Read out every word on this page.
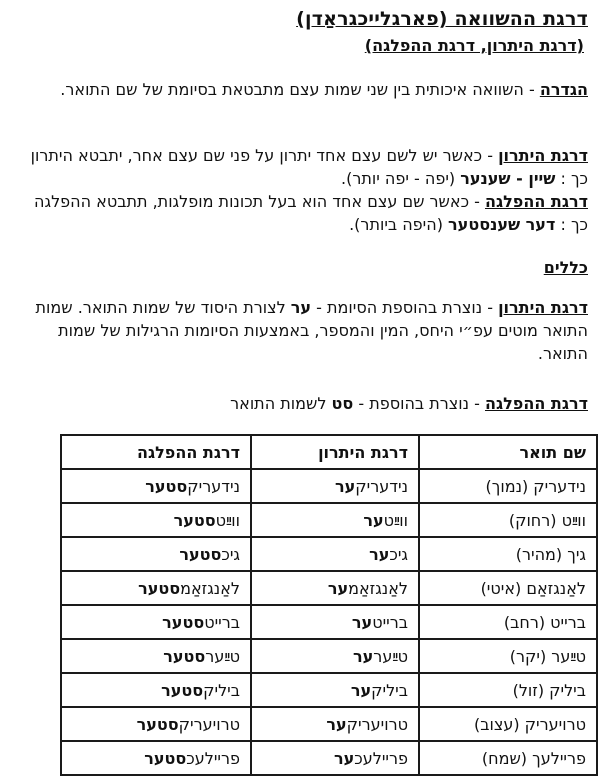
דרגת ההשוואה (פארגלייכגראַדן)
(דרגת היתרון, דרגת ההפלגה)
הגדרה - השוואה איכותית בין שני שמות עצם מתבטאת בסיומת של שם התואר.
דרגת היתרון - כאשר יש לשם עצם אחד יתרון על פני שם עצם אחר, יתבטא היתרון כך : שיין - שענער (יפה - יפה יותר).
דרגת ההפלגה - כאשר שם עצם אחד הוא בעל תכונות מופלגות, תתבטא ההפלגה כך : דער שענסטער (היפה ביותר).
כללים
דרגת היתרון - נוצרת בהוספת הסיומת - ער לצורת היסוד של שמות התואר. שמות התואר מוטים עפ״י היחס, המין והמספר, באמצעות הסיומות הרגילות של שמות התואר.
דרגת ההפלגה - נוצרת בהוספת - סט לשמות התואר
שם תואר	דרגת היתרון	דרגת ההפלגה
נידעריק (נמוך)	נידעריקער	נידעריקסטער
ווײַט (רחוק)	ווײַטער	ווײַטסטער
גיך (מהיר)	גיכער	גיכסטער
לאַנגזאַם (איטי)	לאַנגזאַמער	לאַנגזאַמסטער
ברייט (רחב)	ברייטער	ברייטסטער
טײַער (יקר)	טײַערער	טײַערסטער
ביליק (זול)	ביליקער	ביליקסטער
טרויעריק (עצוב)	טרויעריקער	טרויעריקסטער
פריילעך (שמח)	פריילעכער	פריילעכסטער
